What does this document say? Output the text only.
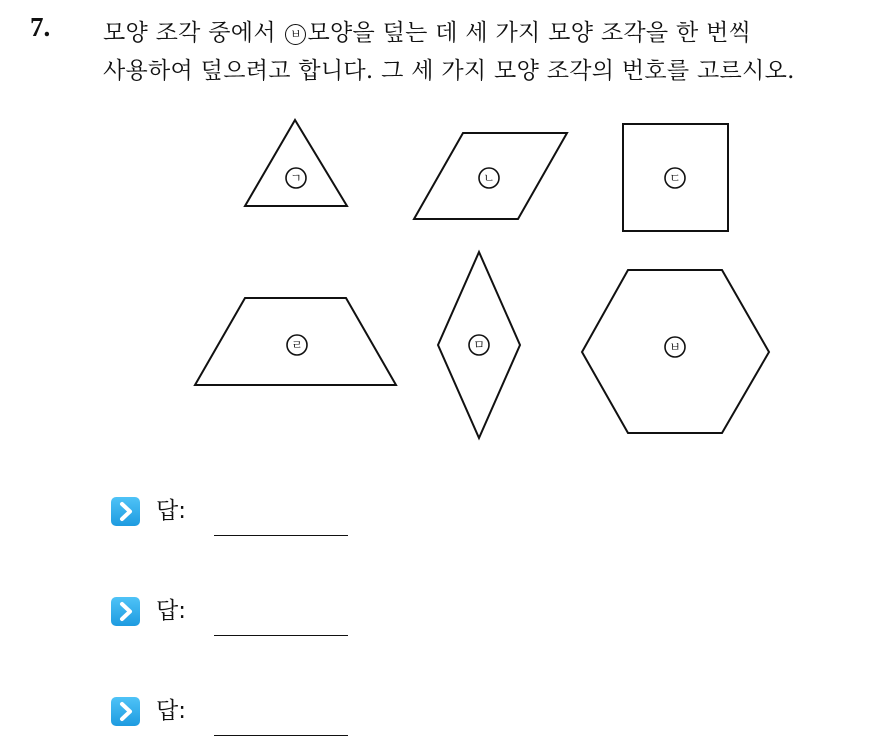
7. 모양 조각 중에서 ㅂ 모양을 덮는 데 세 가지 모양 조각을 한 번씩
사용하여 덮으려고 합니다. 그 세 가지 모양 조각의 번호를 고르시오.
ㄱ	ㄴ	ㄷ
ㄹ	ㅁ	ㅂ
답:
답:
답:
